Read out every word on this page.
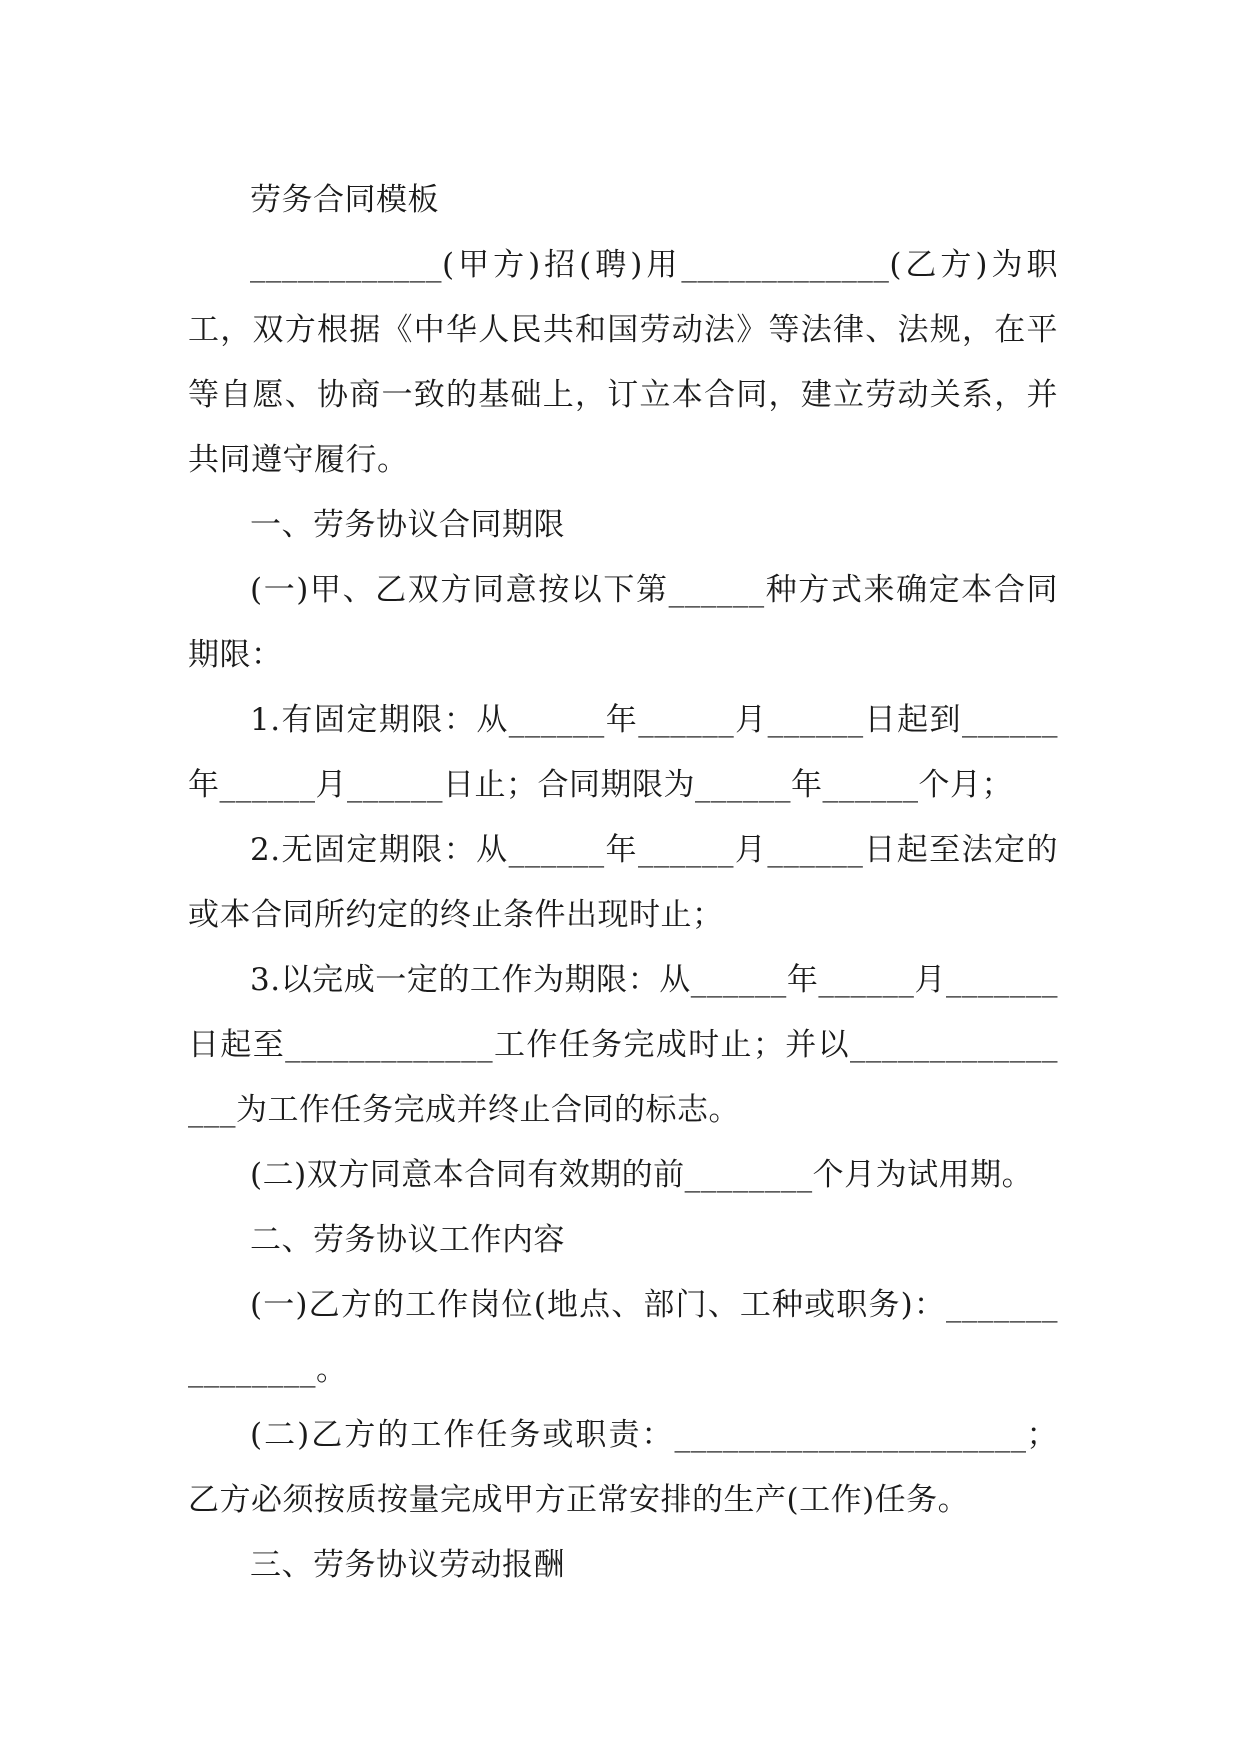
劳务合同模板

____________(甲方)招(聘)用_____________(乙方)为职工，双方根据《中华人民共和国劳动法》等法律、法规，在平等自愿、协商一致的基础上，订立本合同，建立劳动关系，并共同遵守履行。

一、劳务协议合同期限

(一)甲、乙双方同意按以下第______种方式来确定本合同期限：

1.有固定期限：从______年______月______日起到______年______月______日止；合同期限为______年______个月；

2.无固定期限：从______年______月______日起至法定的或本合同所约定的终止条件出现时止；

3.以完成一定的工作为期限：从______年______月_______日起至_____________工作任务完成时止；并以________________为工作任务完成并终止合同的标志。

(二)双方同意本合同有效期的前________个月为试用期。

二、劳务协议工作内容

(一)乙方的工作岗位(地点、部门、工种或职务)：_______________。

(二)乙方的工作任务或职责：______________________；乙方必须按质按量完成甲方正常安排的生产(工作)任务。

三、劳务协议劳动报酬
